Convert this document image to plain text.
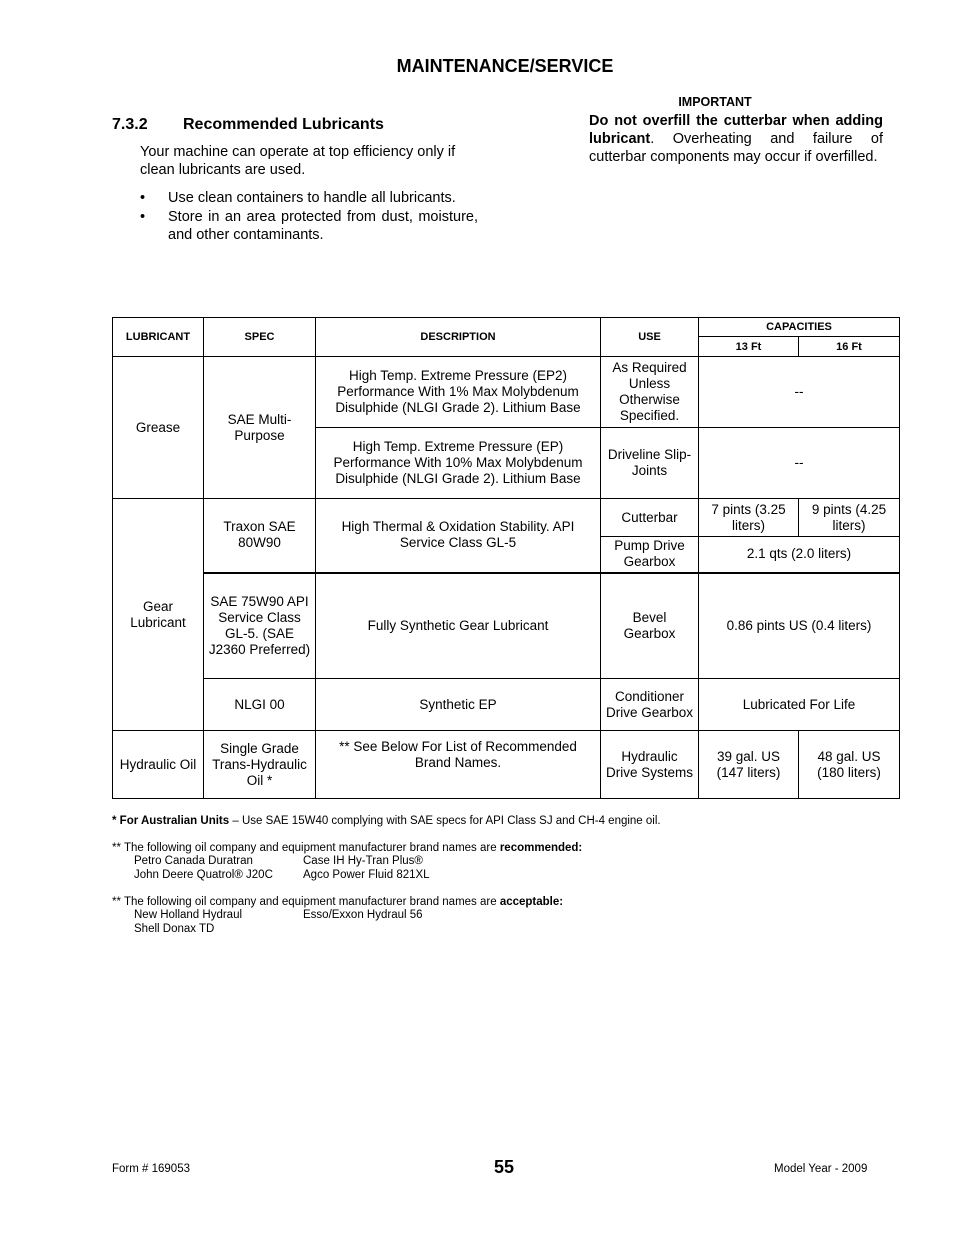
MAINTENANCE/SERVICE
7.3.2 Recommended Lubricants
Your machine can operate at top efficiency only if clean lubricants are used.
• Use clean containers to handle all lubricants.
• Store in an area protected from dust, moisture, and other contaminants.
IMPORTANT
Do not overfill the cutterbar when adding lubricant. Overheating and failure of cutterbar components may occur if overfilled.
LUBRICANT	SPEC	DESCRIPTION	USE	CAPACITIES	
				13 Ft	16 Ft
Grease	SAE Multi-Purpose	High Temp. Extreme Pressure (EP2) Performance With 1% Max Molybdenum Disulphide (NLGI Grade 2). Lithium Base	As Required Unless Otherwise Specified.	--	
		High Temp. Extreme Pressure (EP) Performance With 10% Max Molybdenum Disulphide (NLGI Grade 2). Lithium Base	Driveline Slip-Joints	--	
Gear Lubricant	Traxon SAE 80W90	High Thermal & Oxidation Stability. API Service Class GL-5	Cutterbar	7 pints (3.25 liters)	9 pints (4.25 liters)
			Pump Drive Gearbox	2.1 qts (2.0 liters)	
	SAE 75W90 API Service Class GL-5. (SAE J2360 Preferred)	Fully Synthetic Gear Lubricant	Bevel Gearbox	0.86 pints US (0.4 liters)	
	NLGI 00	Synthetic EP	Conditioner Drive Gearbox	Lubricated For Life	
Hydraulic Oil	Single Grade Trans-Hydraulic Oil *	** See Below For List of Recommended Brand Names.	Hydraulic Drive Systems	39 gal. US (147 liters)	48 gal. US (180 liters)
* For Australian Units – Use SAE 15W40 complying with SAE specs for API Class SJ and CH-4 engine oil.
** The following oil company and equipment manufacturer brand names are recommended:
Petro Canada Duratran	Case IH Hy-Tran Plus®
John Deere Quatrol® J20C	Agco Power Fluid 821XL
** The following oil company and equipment manufacturer brand names are acceptable:
New Holland Hydraul	Esso/Exxon Hydraul 56
Shell Donax TD
Form # 169053	55	Model Year - 2009
